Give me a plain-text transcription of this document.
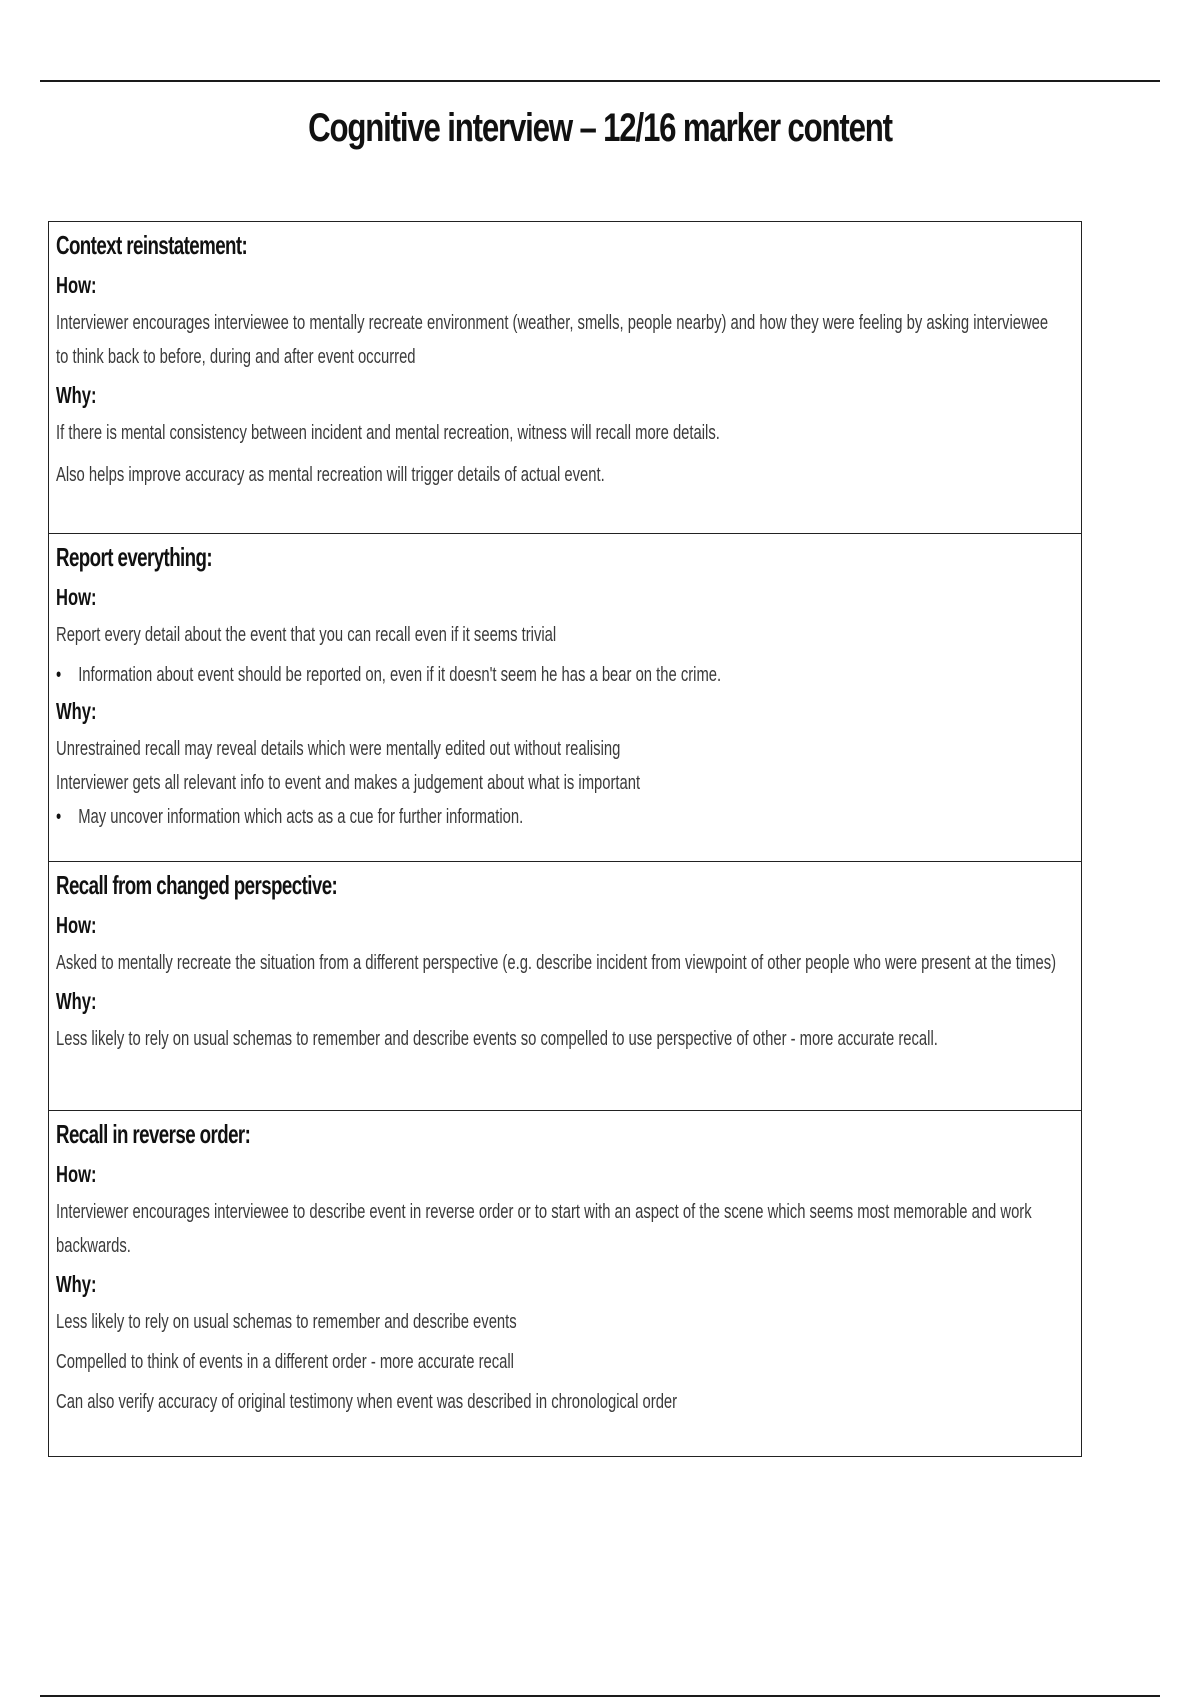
Cognitive interview – 12/16 marker content
Context reinstatement:
How:
Interviewer encourages interviewee to mentally recreate environment (weather, smells, people nearby) and how they were feeling by asking interviewee
to think back to before, during and after event occurred
Why:
If there is mental consistency between incident and mental recreation, witness will recall more details.
Also helps improve accuracy as mental recreation will trigger details of actual event.
Report everything:
How:
Report every detail about the event that you can recall even if it seems trivial
• Information about event should be reported on, even if it doesn't seem he has a bear on the crime.
Why:
Unrestrained recall may reveal details which were mentally edited out without realising
Interviewer gets all relevant info to event and makes a judgement about what is important
• May uncover information which acts as a cue for further information.
Recall from changed perspective:
How:
Asked to mentally recreate the situation from a different perspective (e.g. describe incident from viewpoint of other people who were present at the times)
Why:
Less likely to rely on usual schemas to remember and describe events so compelled to use perspective of other - more accurate recall.
Recall in reverse order:
How:
Interviewer encourages interviewee to describe event in reverse order or to start with an aspect of the scene which seems most memorable and work
backwards.
Why:
Less likely to rely on usual schemas to remember and describe events
Compelled to think of events in a different order - more accurate recall
Can also verify accuracy of original testimony when event was described in chronological order
